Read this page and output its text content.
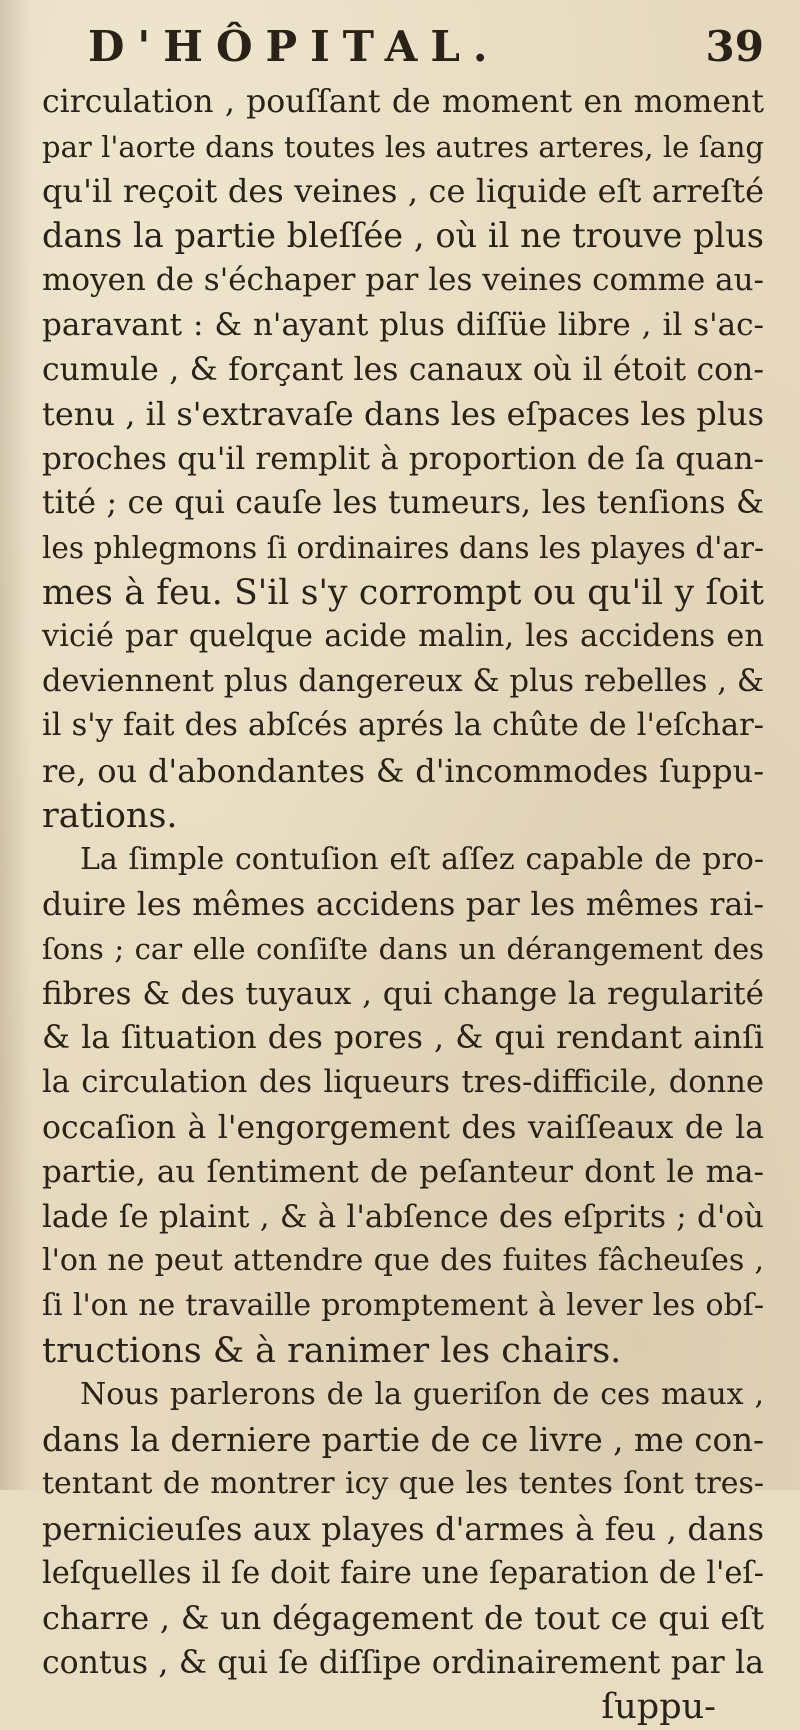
D'HÔPITAL.	39
circulation , pouſſant de moment en moment
par l'aorte dans toutes les autres arteres, le ſang
qu'il reçoit des veines , ce liquide eſt arreſté
dans la partie bleſſée , où il ne trouve plus
moyen de s'échaper par les veines comme au-
paravant : & n'ayant plus diſſüe libre , il s'ac-
cumule , & forçant les canaux où il étoit con-
tenu , il s'extravaſe dans les eſpaces les plus
proches qu'il remplit à proportion de ſa quan-
tité ; ce qui cauſe les tumeurs, les tenſions &
les phlegmons ſi ordinaires dans les playes d'ar-
mes à feu. S'il s'y corrompt ou qu'il y ſoit
vicié par quelque acide malin, les accidens en
deviennent plus dangereux & plus rebelles , &
il s'y fait des abſcés aprés la chûte de l'eſchar-
re, ou d'abondantes & d'incommodes ſuppu-
rations.
La ſimple contuſion eſt aſſez capable de pro-
duire les mêmes accidens par les mêmes rai-
ſons ; car elle conſiſte dans un dérangement des
fibres & des tuyaux , qui change la regularité
& la ſituation des pores , & qui rendant ainſi
la circulation des liqueurs tres-difficile, donne
occaſion à l'engorgement des vaiſſeaux de la
partie, au ſentiment de peſanteur dont le ma-
lade ſe plaint , & à l'abſence des eſprits ; d'où
l'on ne peut attendre que des fuites fâcheuſes ,
ſi l'on ne travaille promptement à lever les obſ-
tructions & à ranimer les chairs.
Nous parlerons de la gueriſon de ces maux ,
dans la derniere partie de ce livre , me con-
tentant de montrer icy que les tentes ſont tres-
pernicieuſes aux playes d'armes à feu , dans
leſquelles il ſe doit faire une ſeparation de l'eſ-
charre , & un dégagement de tout ce qui eſt
contus , & qui ſe diſſipe ordinairement par la
ſuppu-
